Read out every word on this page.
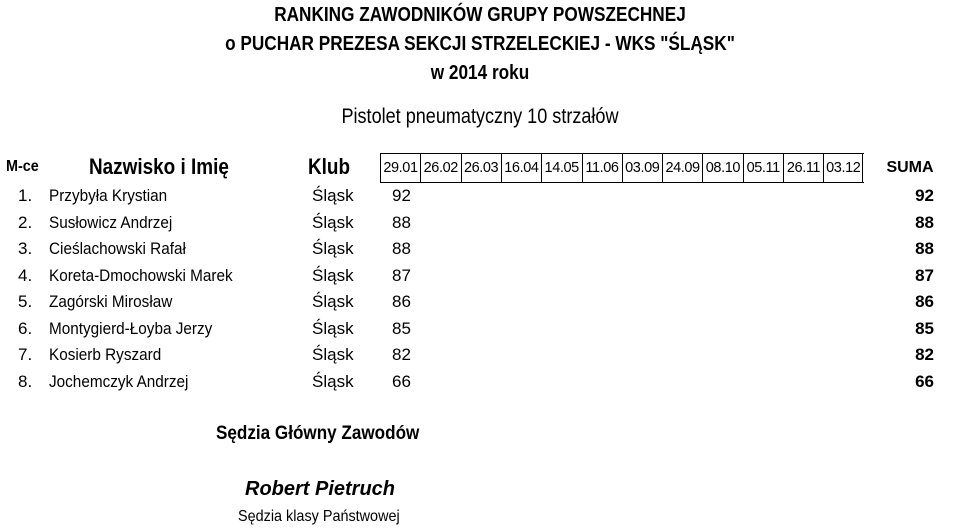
RANKING ZAWODNIKÓW GRUPY POWSZECHNEJ
o PUCHAR PREZESA SEKCJI STRZELECKIEJ - WKS "ŚLĄSK"
w 2014 roku
Pistolet pneumatyczny 10 strzałów
M-ce Nazwisko i Imię	Klub 29.01 26.02 26.03 16.04 14.05 11.06 03.09 24.09 08.10 05.11 26.11 03.12	SUMA
1. Przybyła Krystian	Śląsk 92	92
2. Susłowicz Andrzej	Śląsk 88	88
3. Cieślachowski Rafał	Śląsk 88	88
4. Koreta-Dmochowski Marek	Śląsk 87	87
5. Zagórski Mirosław	Śląsk 86	86
6. Montygierd-Łoyba Jerzy	Śląsk 85	85
7. Kosierb Ryszard	Śląsk 82	82
8. Jochemczyk Andrzej	Śląsk 66	66
Sędzia Główny Zawodów
Robert Pietruch
Sędzia klasy Państwowej
